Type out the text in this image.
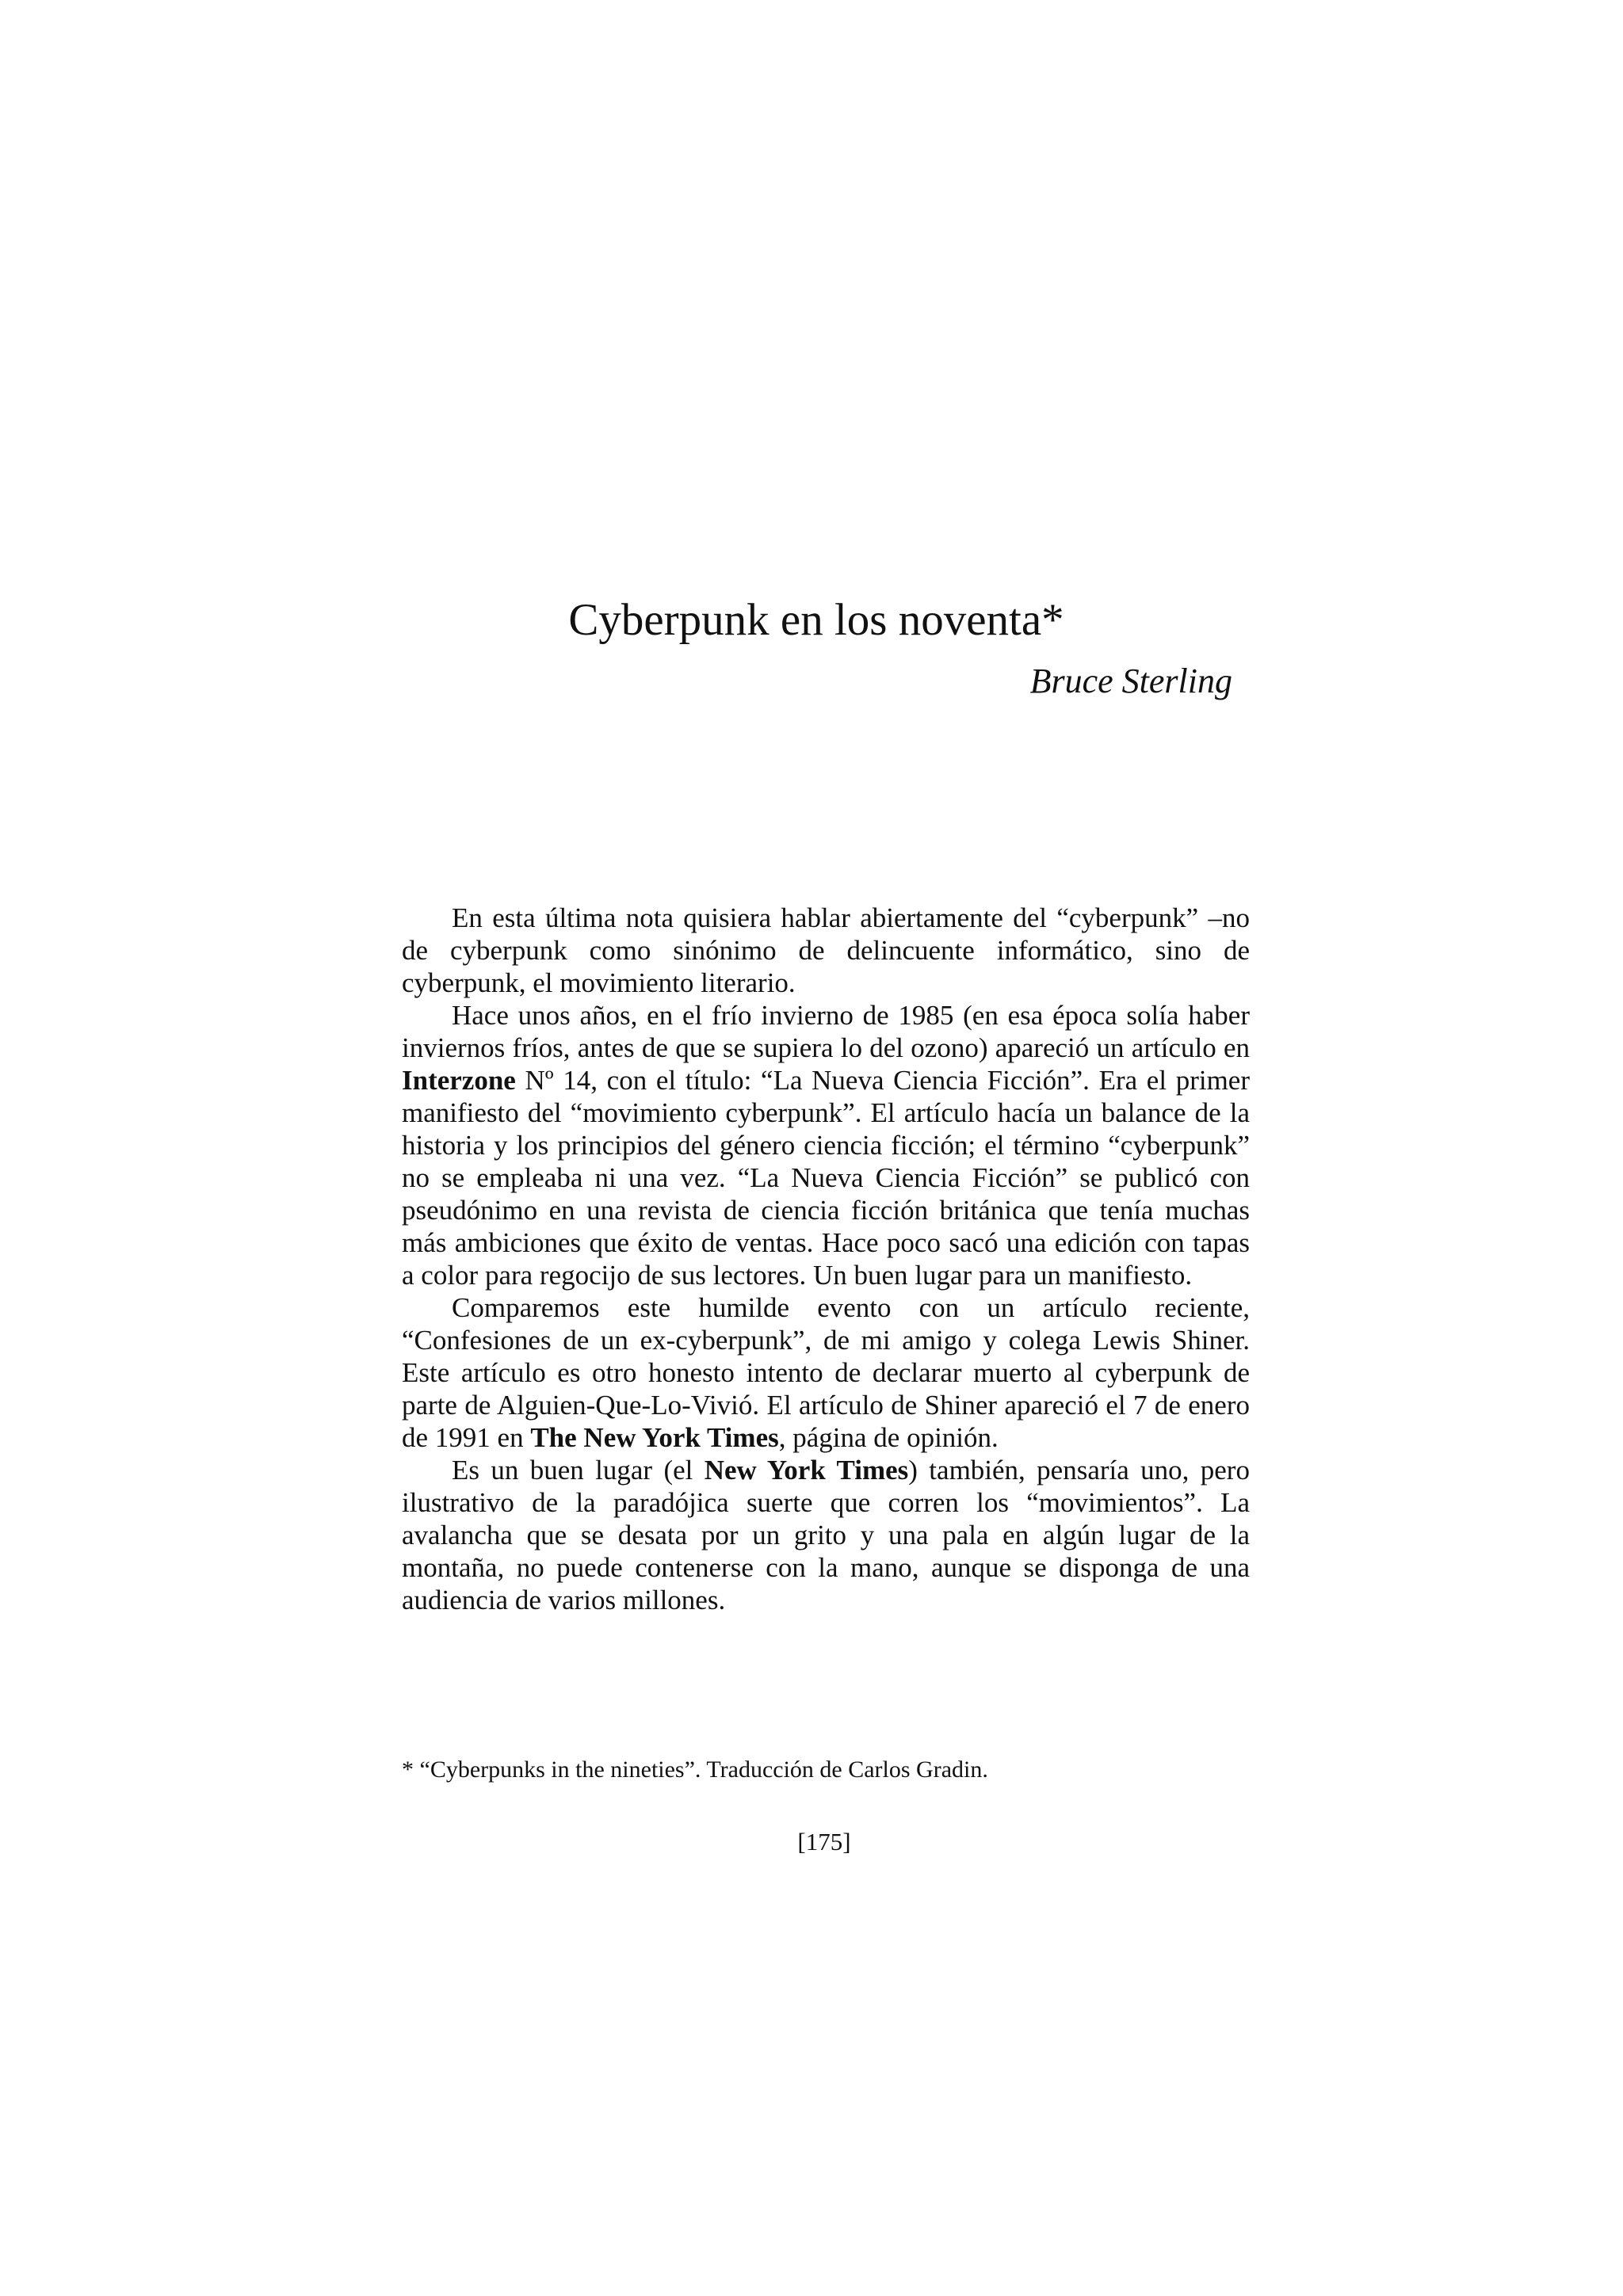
Cyberpunk en los noventa*
Bruce Sterling

En esta última nota quisiera hablar abiertamente del “cyberpunk” –no de cyberpunk como sinónimo de delincuente informático, sino de cyberpunk, el movimiento literario.

Hace unos años, en el frío invierno de 1985 (en esa época solía haber inviernos fríos, antes de que se supiera lo del ozono) apareció un artículo en Interzone Nº 14, con el título: “La Nueva Ciencia Ficción”. Era el primer manifiesto del “movimiento cyberpunk”. El artículo hacía un balance de la historia y los principios del género ciencia ficción; el término “cyberpunk” no se empleaba ni una vez. “La Nueva Ciencia Ficción” se publicó con pseudónimo en una revista de ciencia ficción británica que tenía muchas más ambiciones que éxito de ventas. Hace poco sacó una edición con tapas a color para regocijo de sus lectores. Un buen lugar para un manifiesto.

Comparemos este humilde evento con un artículo reciente, “Confesiones de un ex-cyberpunk”, de mi amigo y colega Lewis Shiner. Este artículo es otro honesto intento de declarar muerto al cyberpunk de parte de Alguien-Que-Lo-Vivió. El artículo de Shiner apareció el 7 de enero de 1991 en The New York Times, página de opinión.

Es un buen lugar (el New York Times) también, pensaría uno, pero ilustrativo de la paradójica suerte que corren los “movimientos”. La avalancha que se desata por un grito y una pala en algún lugar de la montaña, no puede contenerse con la mano, aunque se disponga de una audiencia de varios millones.

* “Cyberpunks in the nineties”. Traducción de Carlos Gradin.
[175]
